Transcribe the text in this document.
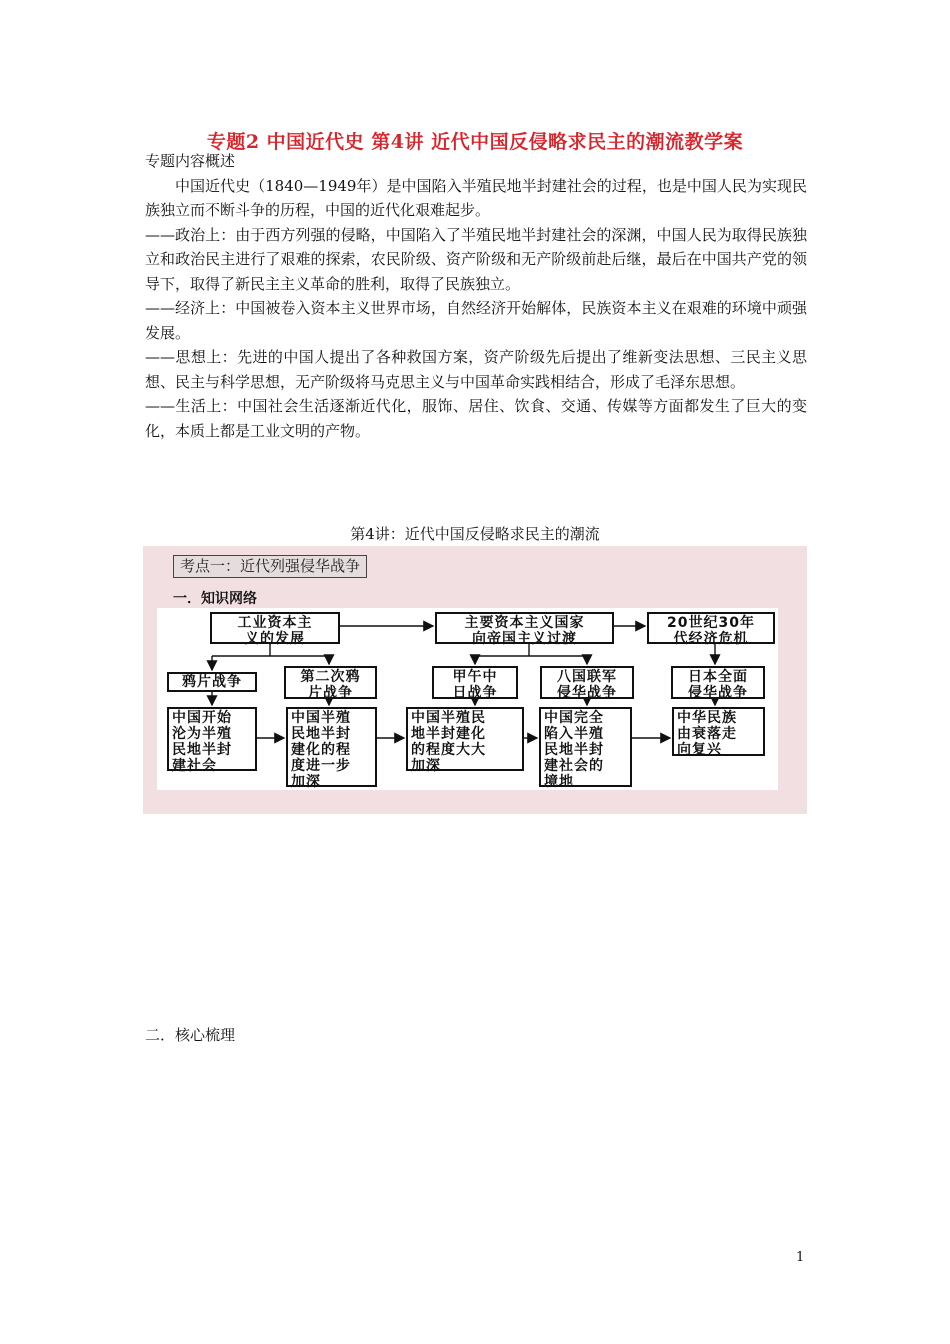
专题2 中国近代史 第4讲 近代中国反侵略求民主的潮流教学案

专题内容概述

中国近代史（1840—1949年）是中国陷入半殖民地半封建社会的过程，也是中国人民为实现民族独立而不断斗争的历程，中国的近代化艰难起步。

——政治上：由于西方列强的侵略，中国陷入了半殖民地半封建社会的深渊，中国人民为取得民族独立和政治民主进行了艰难的探索，农民阶级、资产阶级和无产阶级前赴后继，最后在中国共产党的领导下，取得了新民主主义革命的胜利，取得了民族独立。

——经济上：中国被卷入资本主义世界市场，自然经济开始解体，民族资本主义在艰难的环境中顽强发展。

——思想上：先进的中国人提出了各种救国方案，资产阶级先后提出了维新变法思想、三民主义思想、民主与科学思想，无产阶级将马克思主义与中国革命实践相结合，形成了毛泽东思想。

——生活上：中国社会生活逐渐近代化，服饰、居住、饮食、交通、传媒等方面都发生了巨大的变化，本质上都是工业文明的产物。

第4讲：近代中国反侵略求民主的潮流
考点一：近代列强侵华战争
一．知识网络
工业资本主
义的发展
主要资本主义国家
向帝国主义过渡
20世纪30年
代经济危机
鸦片战争	第二次鸦
片战争
甲午中
日战争
八国联军
侵华战争
日本全面
侵华战争
中国开始
沦为半殖
民地半封
建社会
中国半殖
民地半封
建化的程
度进一步
加深
中国半殖民
地半封建化
的程度大大
加深
中国完全
陷入半殖
民地半封
建社会的
境地
中华民族
由衰落走
向复兴
二．核心梳理
1
